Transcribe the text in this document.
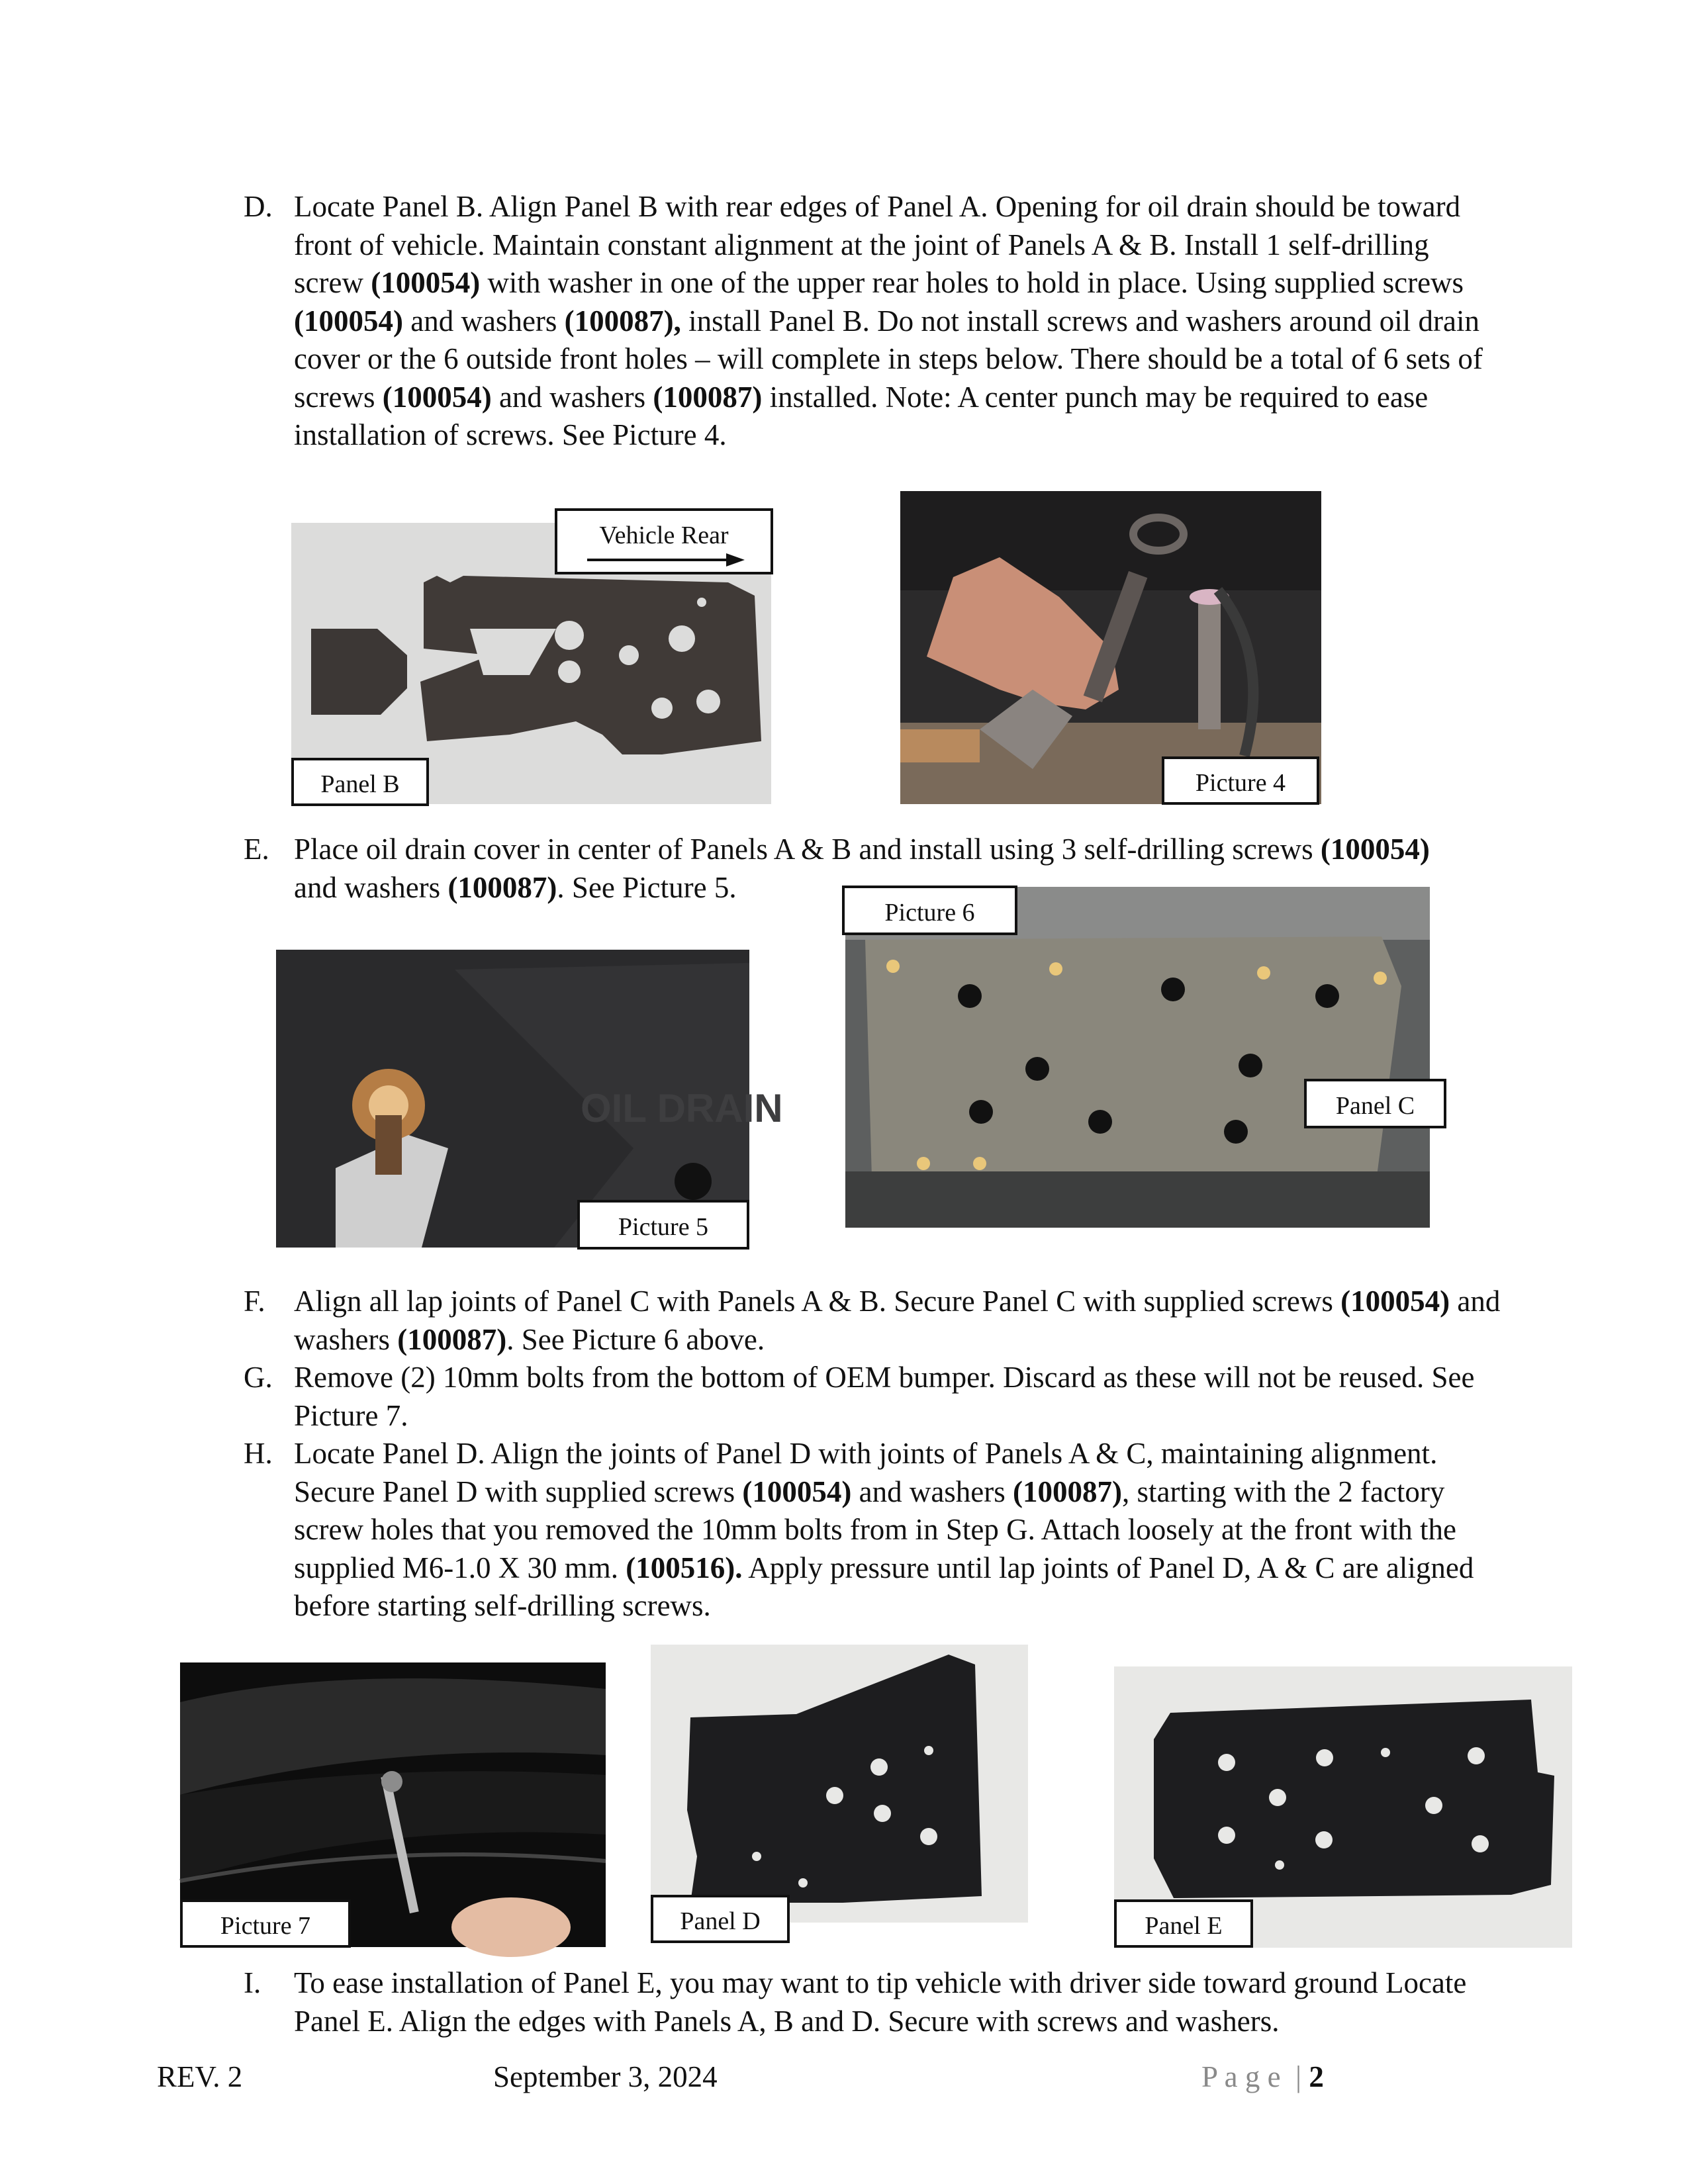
D. Locate Panel B. Align Panel B with rear edges of Panel A. Opening for oil drain should be toward front of vehicle. Maintain constant alignment at the joint of Panels A & B. Install 1 self-drilling screw (100054) with washer in one of the upper rear holes to hold in place. Using supplied screws (100054) and washers (100087), install Panel B. Do not install screws and washers around oil drain cover or the 6 outside front holes – will complete in steps below. There should be a total of 6 sets of screws (100054) and washers (100087) installed. Note: A center punch may be required to ease installation of screws. See Picture 4.
Vehicle Rear
Panel B	Picture 4
E. Place oil drain cover in center of Panels A & B and install using 3 self-drilling screws (100054) and washers (100087). See Picture 5.
OIL DRAIN
Picture 5
Picture 6
Panel C
F. Align all lap joints of Panel C with Panels A & B. Secure Panel C with supplied screws (100054) and washers (100087). See Picture 6 above.
G. Remove (2) 10mm bolts from the bottom of OEM bumper. Discard as these will not be reused. See Picture 7.
H. Locate Panel D. Align the joints of Panel D with joints of Panels A & C, maintaining alignment. Secure Panel D with supplied screws (100054) and washers (100087), starting with the 2 factory screw holes that you removed the 10mm bolts from in Step G. Attach loosely at the front with the supplied M6-1.0 X 30 mm. (100516). Apply pressure until lap joints of Panel D, A & C are aligned before starting self-drilling screws.
Picture 7	Panel D	Panel E
I. To ease installation of Panel E, you may want to tip vehicle with driver side toward ground Locate Panel E. Align the edges with Panels A, B and D. Secure with screws and washers.
REV. 2	September 3, 2024	P a g e  | 2
